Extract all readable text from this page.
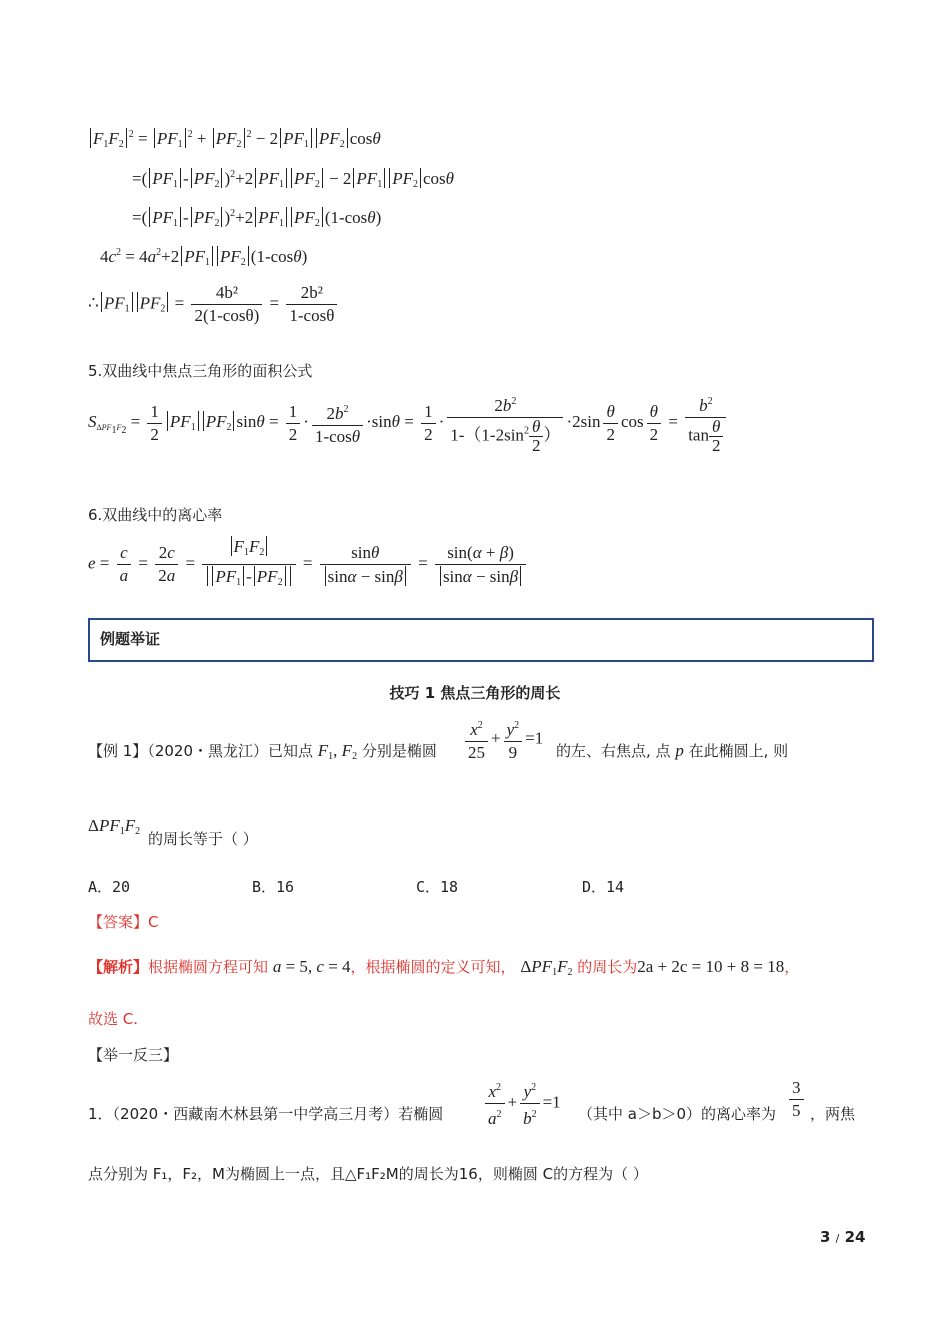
$F_1F_2^2 = PF_1^2 + PF_2^2 - 2$ $PF_1$ $PF_2$ cosθ
=( $PF_1 - PF_2$ )$^2$+2 $PF_1$ $PF_2 - 2$ $PF_1$ $PF_2$ cosθ
=( $PF_1 - PF_2$ )$^2$+2 $PF_1$ $PF_2$ (1-cosθ)
$4c^2 = 4a^2+2$ $PF_1$ $PF_2$ (1-cosθ)
∴ $PF_1$ $PF_2 = \frac{\text{4b²}}{2(1-\cos\theta)} = \frac{\text{2b²}}{1-\cos\theta}$
5.双曲线中焦点三角形的面积公式
$S_{\Delta PF_1F_2} = \frac{1}{2} PF_1$ $PF_2$ $\sin\theta = \frac{1}{2} \cdot \frac{2b^2}{1-\cos\theta} \cdot\sin\theta = \frac{1}{2} \cdot \frac{2b^2}{1-(1-2\sin^2 \frac{\theta}{2} )} \cdot 2\sin \frac{\theta}{2}$ $\cos \frac{\theta}{2} = \frac{b^2}{\tan \frac{\theta}{2}}$
6.双曲线中的离心率
$e = \frac{c}{a} = \frac{2c}{2a} = \frac{F_1F_2}{PF_1 - PF_2} = \frac{\sin\theta}{\sin\alpha - \sin\beta} = \frac{\sin(\alpha + \beta)}{\sin\alpha - \sin\beta}$
例题举证
技巧 1 焦点三角形的周长
【例 1】（2020・黑龙江）已知点 $F_1$, $F_2$ 分别是椭圆 $\frac{x^2}{25} + \frac{y^2}{9} =1$
的左、右焦点, 点 p 在此椭圆上, 则
$\Delta PF_1F_2$ 的周长等于（ ）
A．20	B．16	C．18	D．14
【答案】C
【解析】根据椭圆方程可知 a = 5, c = 4，根据椭圆的定义可知， $\Delta PF_1F_2$ 的周长为2a + 2c = 10 + 8 = 18，
故选 C.
【举一反三】
1．（2020・西藏南木林县第一中学高三月考）若椭圆 $\frac{x^2}{a^2} + \frac{y^2}{b^2} =1$
（其中 a＞b＞0）的离心率为 $\frac{3}{5}$ ，两焦
点分别为 F₁，F₂，M为椭圆上一点，且△F₁F₂M的周长为16，则椭圆 C的方程为（ ）
3 / 24
